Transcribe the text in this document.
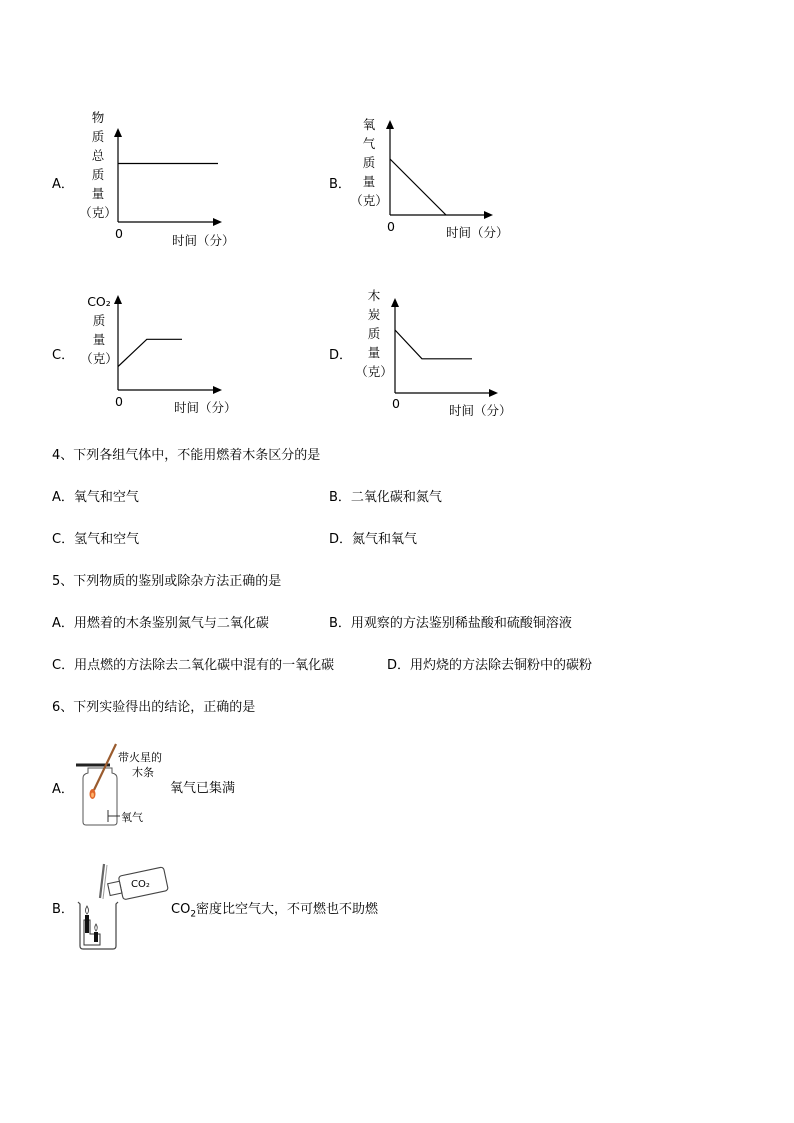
A．
物
质
总
质
量
（克）
0	时间（分）
B．
氧
气
质
量
（克）
0	时间（分）
C．
CO₂
质
量
（克）
0	时间（分）
D．
木
炭
质
量
（克）
0	时间（分）
4、下列各组气体中，不能用燃着木条区分的是
A．氧气和空气	B．二氧化碳和氮气
C．氢气和空气	D．氮气和氧气
5、下列物质的鉴别或除杂方法正确的是
A．用燃着的木条鉴别氮气与二氧化碳	B．用观察的方法鉴别稀盐酸和硫酸铜溶液
C．用点燃的方法除去二氧化碳中混有的一氧化碳	D．用灼烧的方法除去铜粉中的碳粉
6、下列实验得出的结论，正确的是
A．
带火星的
木条
氧气
氧气已集满
B．
CO₂
$CO_2$密度比空气大，不可燃也不助燃
